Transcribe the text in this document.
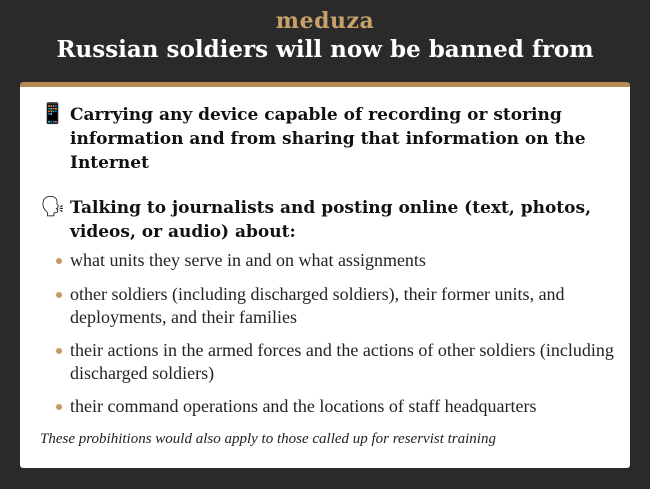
meduza
Russian soldiers will now be banned from
📱 Carrying any device capable of recording or storing information and from sharing that information on the Internet
🗣 Talking to journalists and posting online (text, photos, videos, or audio) about:
what units they serve in and on what assignments
other soldiers (including discharged soldiers), their former units, and deployments, and their families
their actions in the armed forces and the actions of other soldiers (including discharged soldiers)
their command operations and the locations of staff headquarters
These probihitions would also apply to those called up for reservist training
